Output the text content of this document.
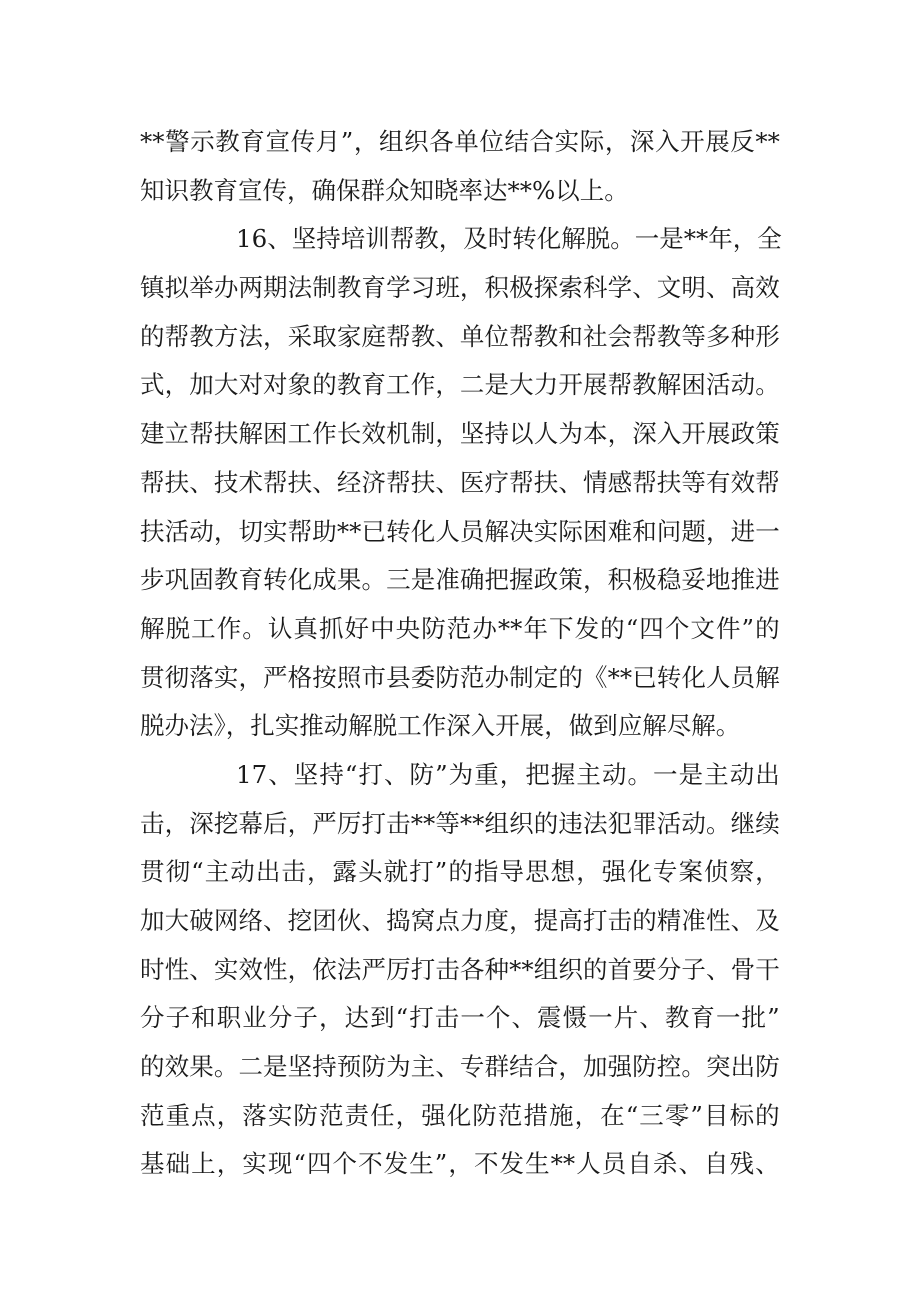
** 警 示 教 育 宣 传 月 ” ， 组 织 各 单 位 结 合 实 际 ， 深 入 开 展 反 **
知识教育宣传，确保群众知晓率达**%以上。
16 、 坚 持 培 训 帮 教 ， 及 时 转 化 解 脱 。 一 是 ** 年 ， 全
镇 拟 举 办 两 期 法 制 教 育 学 习 班 ， 积 极 探 索 科 学 、 文 明 、 高 效
的 帮 教 方 法 ， 采 取 家 庭 帮 教 、 单 位 帮 教 和 社 会 帮 教 等 多 种 形
式 ， 加 大 对 对 象 的 教 育 工 作 ， 二 是 大 力 开 展 帮 教 解 困 活 动 。
建 立 帮 扶 解 困 工 作 长 效 机 制 ， 坚 持 以 人 为 本 ， 深 入 开 展 政 策
帮 扶 、 技 术 帮 扶 、 经 济 帮 扶 、 医 疗 帮 扶 、 情 感 帮 扶 等 有 效 帮
扶 活 动 ， 切 实 帮 助 ** 已 转 化 人 员 解 决 实 际 困 难 和 问 题 ， 进 一
步 巩 固 教 育 转 化 成 果 。 三 是 准 确 把 握 政 策 ， 积 极 稳 妥 地 推 进
解 脱 工 作 。 认 真 抓 好 中 央 防 范 办 ** 年 下 发 的 “ 四 个 文 件 ” 的
贯 彻 落 实 ， 严 格 按 照 市 县 委 防 范 办 制 定 的 《 ** 已 转 化 人 员 解
脱办法》，扎实推动解脱工作深入开展，做到应解尽解。
17 、 坚 持 “ 打 、 防 ” 为 重 ， 把 握 主 动 。 一 是 主 动 出
击 ， 深 挖 幕 后 ， 严 厉 打 击 ** 等 ** 组 织 的 违 法 犯 罪 活 动 。 继 续
贯 彻 “ 主 动 出 击 ， 露 头 就 打 ” 的 指 导 思 想 ， 强 化 专 案 侦 察 ，
加 大 破 网 络 、 挖 团 伙 、 捣 窝 点 力 度 ， 提 高 打 击 的 精 准 性 、 及
时 性 、 实 效 性 ， 依 法 严 厉 打 击 各 种 ** 组 织 的 首 要 分 子 、 骨 干
分 子 和 职 业 分 子 ， 达 到 “ 打 击 一 个 、 震 慑 一 片 、 教 育 一 批 ”
的 效 果 。 二 是 坚 持 预 防 为 主 、 专 群 结 合 ， 加 强 防 控 。 突 出 防
范 重 点 ， 落 实 防 范 责 任 ， 强 化 防 范 措 施 ， 在 “ 三 零 ” 目 标 的
基 础 上 ， 实 现 “ 四 个 不 发 生 ” ， 不 发 生 ** 人 员 自 杀 、 自 残 、
